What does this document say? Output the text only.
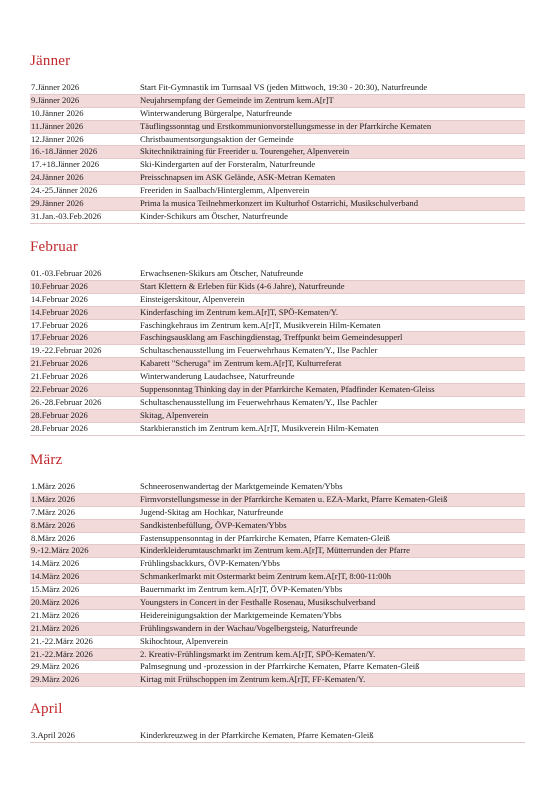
Jänner
7.Jänner 2026	Start Fit-Gymnastik im Turnsaal VS (jeden Mittwoch, 19:30 - 20:30), Naturfreunde
9.Jänner 2026	Neujahrsempfang der Gemeinde im Zentrum kem.A[r]T
10.Jänner 2026	Winterwanderung Bürgeralpe, Naturfreunde
11.Jänner 2026	Täuflingssonntag und Erstkommunionvorstellungsmesse in der Pfarrkirche Kematen
12.Jänner 2026	Christbaumentsorgungsaktion der Gemeinde
16.-18.Jänner 2026	Skitechniktraining für Freerider u. Tourengeher, Alpenverein
17.+18.Jänner 2026	Ski-Kindergarten auf der Forsteralm, Naturfreunde
24.Jänner 2026	Preisschnapsen im ASK Gelände, ASK-Metran Kematen
24.-25.Jänner 2026	Freeriden in Saalbach/Hinterglemm, Alpenverein
29.Jänner 2026	Prima la musica Teilnehmerkonzert im Kulturhof Ostarrichi, Musikschulverband
31.Jan.-03.Feb.2026	Kinder-Schikurs am Ötscher, Naturfreunde
Februar
01.-03.Februar 2026	Erwachsenen-Skikurs am Ötscher, Natufreunde
10.Februar 2026	Start Klettern & Erleben für Kids (4-6 Jahre), Naturfreunde
14.Februar 2026	Einsteigerskitour, Alpenverein
14.Februar 2026	Kinderfasching im Zentrum kem.A[r]T, SPÖ-Kematen/Y.
17.Februar 2026	Faschingkehraus im Zentrum kem.A[r]T, Musikverein Hilm-Kematen
17.Februar 2026	Faschingsausklang am Faschingdienstag, Treffpunkt beim Gemeindesupperl
19.-22.Februar 2026	Schultaschenausstellung im Feuerwehrhaus Kematen/Y., Ilse Pachler
21.Februar 2026	Kabarett "Scheruga" im Zentrum kem.A[r]T, Kulturreferat
21.Februar 2026	Winterwanderung Laudachsee, Naturfreunde
22.Februar 2026	Suppensonntag Thinking day in der Pfarrkirche Kematen, Pfadfinder Kematen-Gleiss
26.-28.Februar 2026	Schultaschenausstellung im Feuerwehrhaus Kematen/Y., Ilse Pachler
28.Februar 2026	Skitag, Alpenverein
28.Februar 2026	Starkbieranstich im Zentrum kem.A[r]T, Musikverein Hilm-Kematen
März
1.März 2026	Schneerosenwandertag der Marktgemeinde Kematen/Ybbs
1.März 2026	Firmvorstellungsmesse in der Pfarrkirche Kematen u. EZA-Markt, Pfarre Kematen-Gleiß
7.März 2026	Jugend-Skitag am Hochkar, Naturfreunde
8.März 2026	Sandkistenbefüllung, ÖVP-Kematen/Ybbs
8.März 2026	Fastensuppensonntag in der Pfarrkirche Kematen, Pfarre Kematen-Gleiß
9.-12.März 2026	Kinderkleiderumtauschmarkt im Zentrum kem.A[r]T, Mütterrunden der Pfarre
14.März 2026	Frühlingsbackkurs, ÖVP-Kematen/Ybbs
14.März 2026	Schmankerlmarkt mit Ostermarkt beim Zentrum kem.A[r]T, 8:00-11:00h
15.März 2026	Bauernmarkt im Zentrum kem.A[r]T, ÖVP-Kematen/Ybbs
20.März 2026	Youngsters in Concert in der Festhalle Rosenau, Musikschulverband
21.März 2026	Heidereinigungsaktion der Marktgemeinde Kematen/Ybbs
21.März 2026	Frühlingswandern in der Wachau/Vogelbergsteig, Naturfreunde
21.-22.März 2026	Skihochtour, Alpenverein
21.-22.März 2026	2. Kreativ-Frühlingsmarkt im Zentrum kem.A[r]T, SPÖ-Kematen/Y.
29.März 2026	Palmsegnung und -prozession in der Pfarrkirche Kematen, Pfarre Kematen-Gleiß
29.März 2026	Kirtag mit Frühschoppen im Zentrum kem.A[r]T, FF-Kematen/Y.
April
3.April 2026	Kinderkreuzweg in der Pfarrkirche Kematen, Pfarre Kematen-Gleiß
